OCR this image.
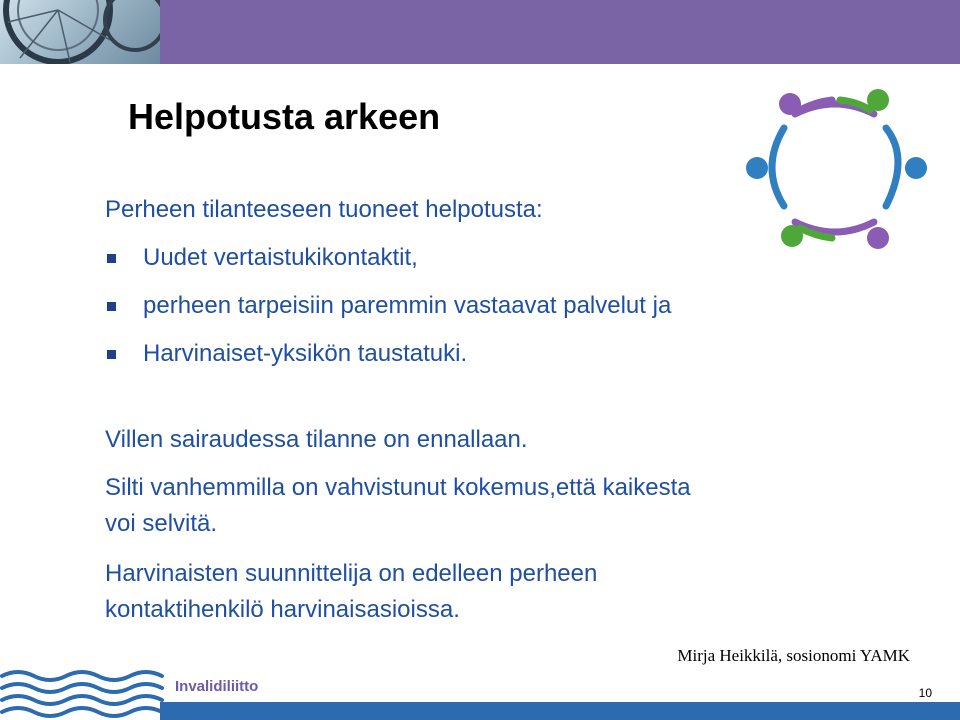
Helpotusta arkeen
Perheen tilanteeseen tuoneet helpotusta:
Uudet vertaistukikontaktit,
perheen tarpeisiin paremmin vastaavat palvelut ja
Harvinaiset-yksikön taustatuki.
Villen sairaudessa tilanne on ennallaan.
Silti vanhemmilla on vahvistunut kokemus,että kaikesta
voi selvitä.
Harvinaisten suunnittelija on edelleen perheen
kontaktihenkilö harvinaisasioissa.
Mirja Heikkilä, sosionomi YAMK
Invalidiliitto	10
